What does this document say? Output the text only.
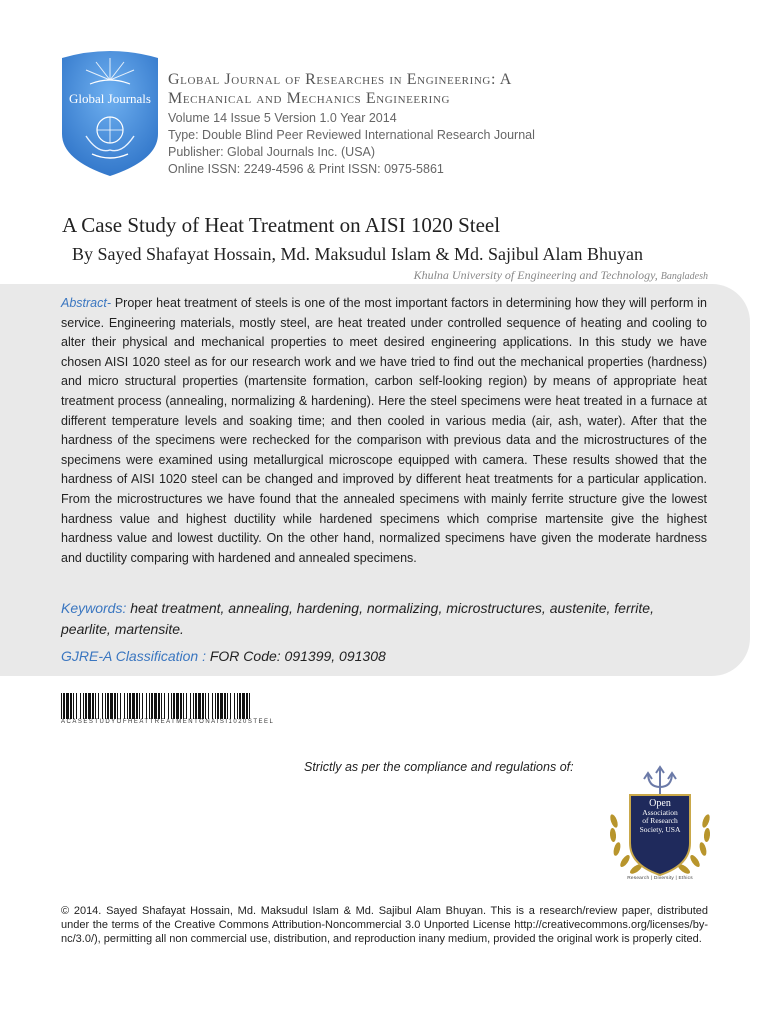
Global Journals
Global Journal of Researches in Engineering: A
Mechanical and Mechanics Engineering
Volume 14 Issue 5 Version 1.0 Year 2014
Type: Double Blind Peer Reviewed International Research Journal
Publisher: Global Journals Inc. (USA)
Online ISSN: 2249-4596 & Print ISSN: 0975-5861
A Case Study of Heat Treatment on AISI 1020 Steel
By Sayed Shafayat Hossain, Md. Maksudul Islam & Md. Sajibul Alam Bhuyan
Khulna University of Engineering and Technology, Bangladesh
Abstract- Proper heat treatment of steels is one of the most important factors in determining how they will perform in service. Engineering materials, mostly steel, are heat treated under controlled sequence of heating and cooling to alter their physical and mechanical properties to meet desired engineering applications. In this study we have chosen AISI 1020 steel as for our research work and we have tried to find out the mechanical properties (hardness) and micro structural properties (martensite formation, carbon self-looking region) by means of appropriate heat treatment process (annealing, normalizing & hardening). Here the steel specimens were heat treated in a furnace at different temperature levels and soaking time; and then cooled in various media (air, ash, water). After that the hardness of the specimens were rechecked for the comparison with previous data and the microstructures of the specimens were examined using metallurgical microscope equipped with camera. These results showed that the hardness of AISI 1020 steel can be changed and improved by different heat treatments for a particular application. From the microstructures we have found that the annealed specimens with mainly ferrite structure give the lowest hardness value and highest ductility while hardened specimens which comprise martensite give the highest hardness value and lowest ductility. On the other hand, normalized specimens have given the moderate hardness and ductility comparing with hardened and annealed specimens.
Keywords: heat treatment, annealing, hardening, normalizing, microstructures, austenite, ferrite, pearlite, martensite.
GJRE-A Classification : FOR Code: 091399, 091308
ACASESTUDYOFHEATTREATMENTONAISI1020STEEL
Strictly as per the compliance and regulations of:
Open
Association
of Research
Society, USA
Research | Diversity | Ethics
© 2014. Sayed Shafayat Hossain, Md. Maksudul Islam & Md. Sajibul Alam Bhuyan. This is a research/review paper, distributed under the terms of the Creative Commons Attribution-Noncommercial 3.0 Unported License http://creativecommons.org/licenses/by-nc/3.0/), permitting all non commercial use, distribution, and reproduction inany medium, provided the original work is properly cited.
